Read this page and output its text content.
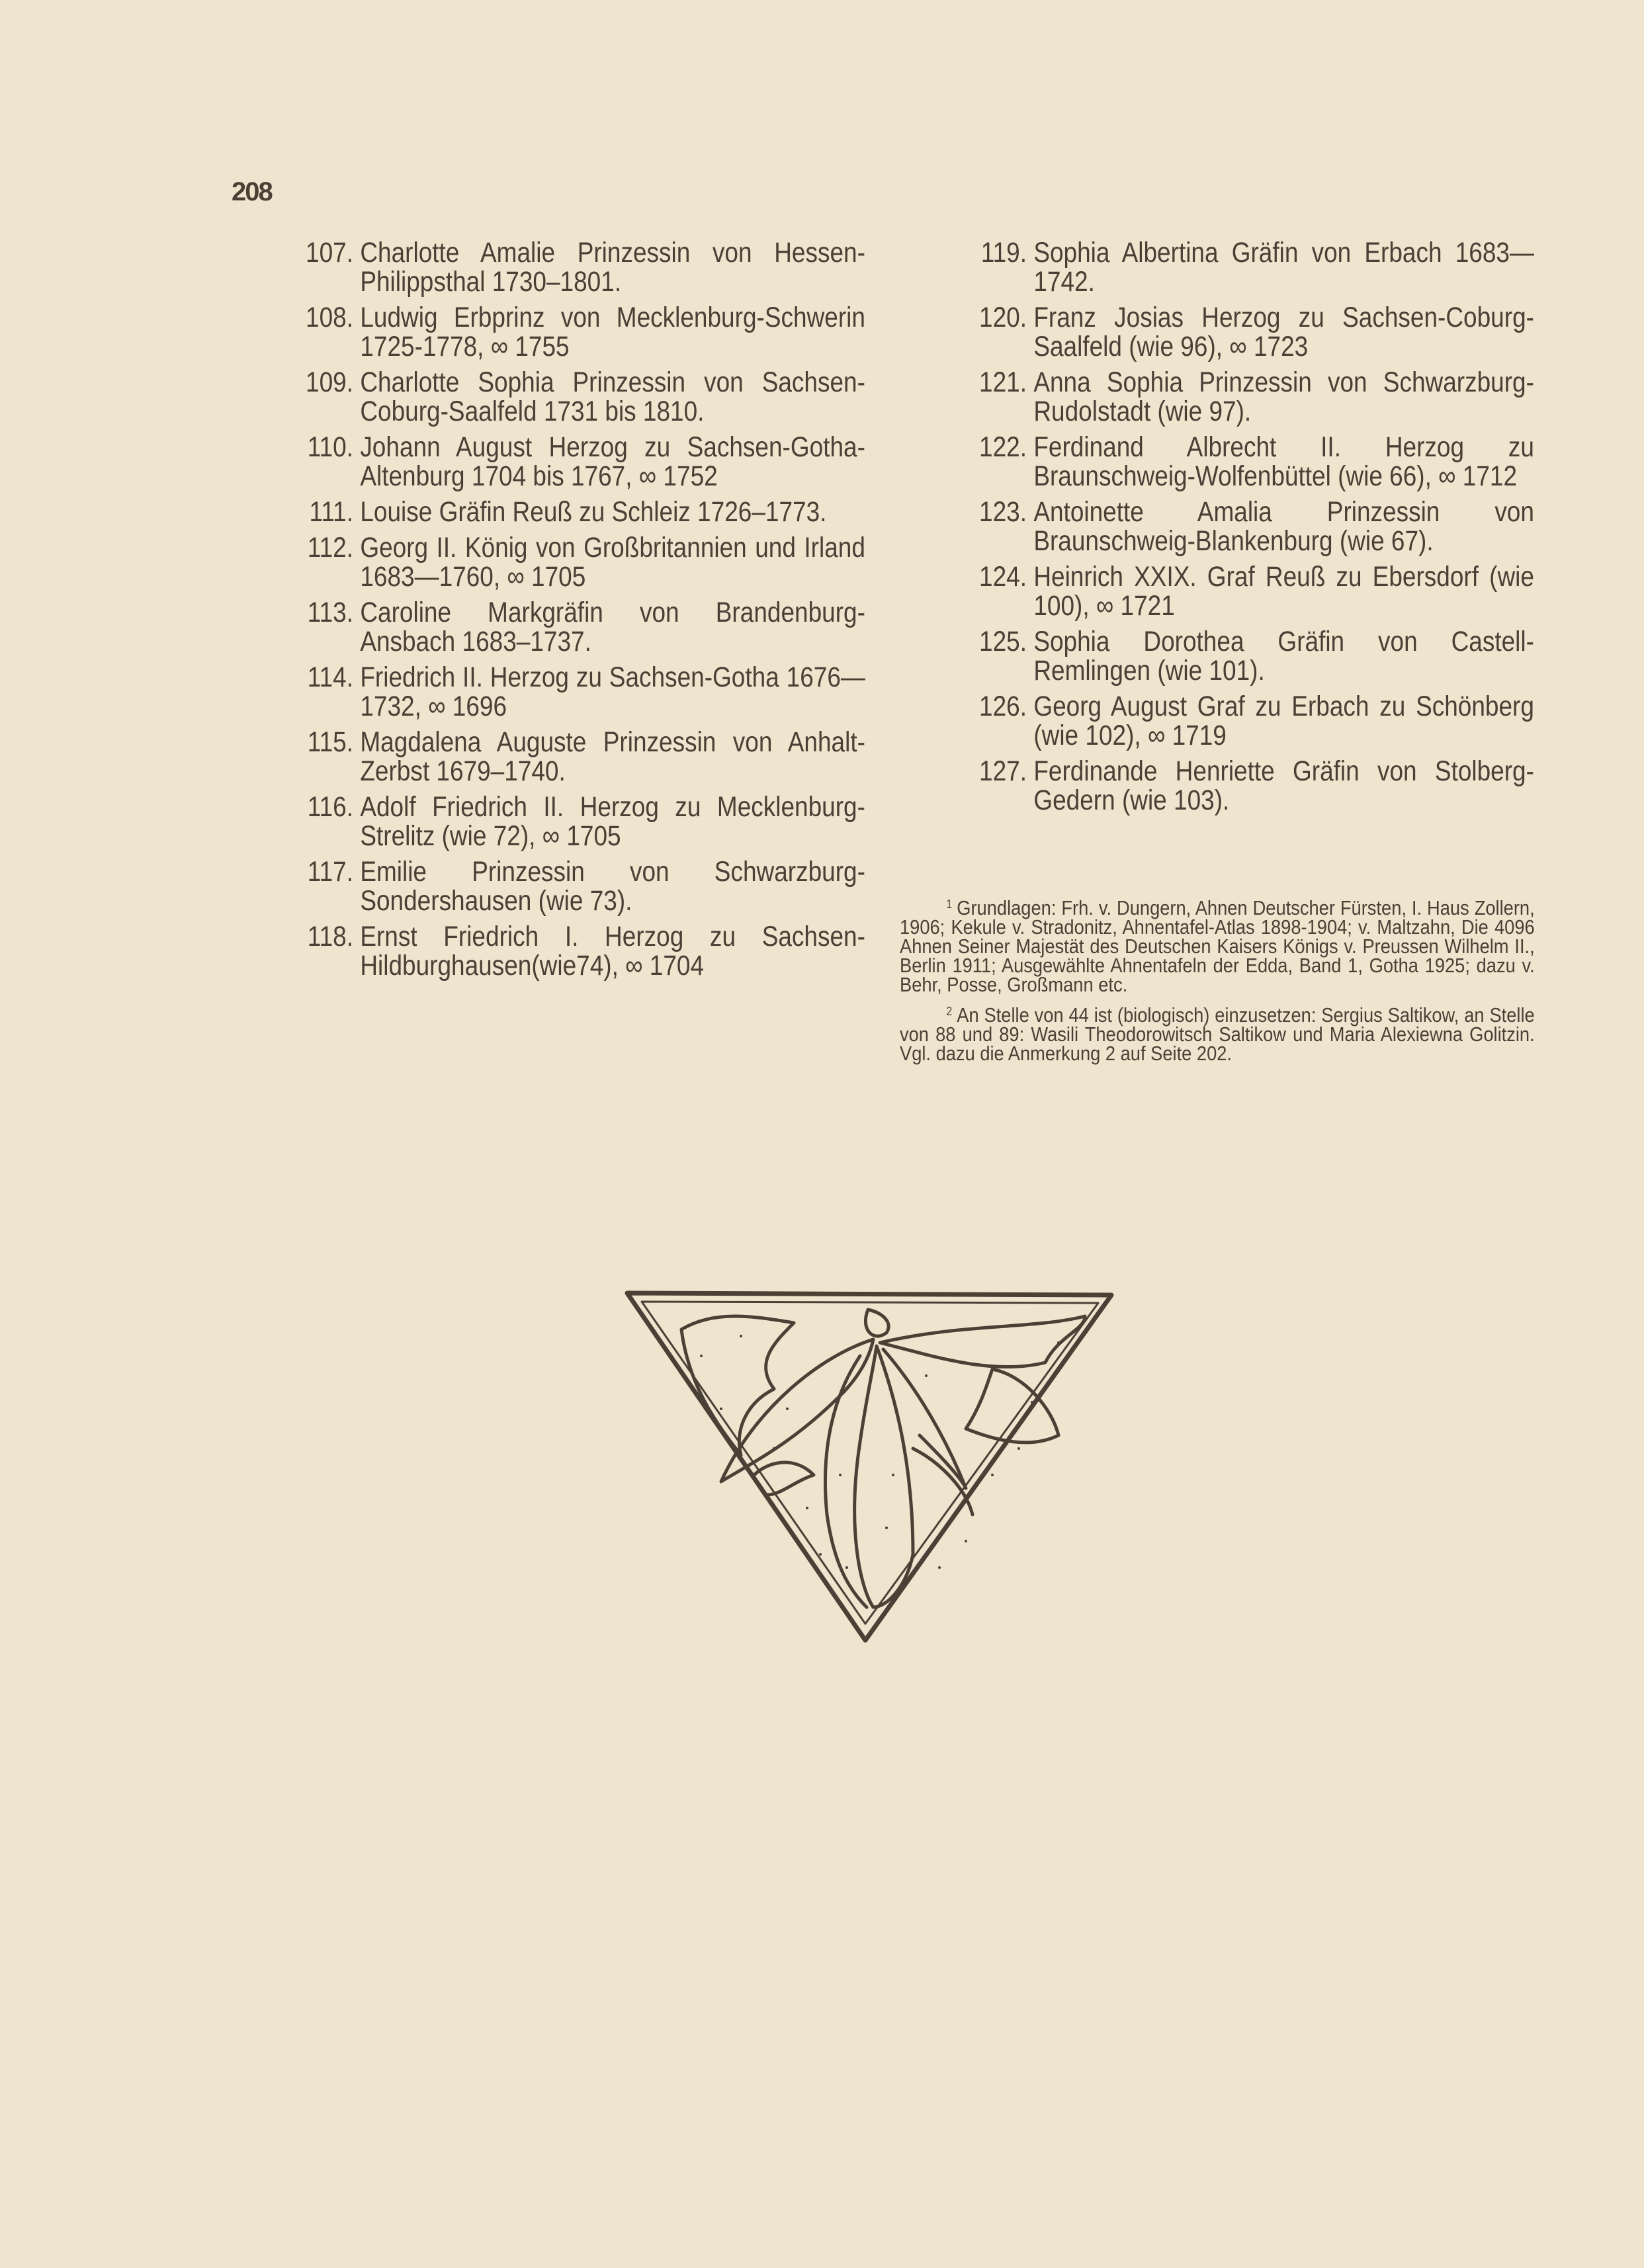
208
107. Charlotte Amalie Prinzessin von Hessen-Philippsthal 1730–1801.
108. Ludwig Erbprinz von Mecklenburg-Schwerin 1725-1778, ∞ 1755
109. Charlotte Sophia Prinzessin von Sachsen-Coburg-Saalfeld 1731 bis 1810.
110. Johann August Herzog zu Sachsen-Gotha-Altenburg 1704 bis 1767, ∞ 1752
111. Louise Gräfin Reuß zu Schleiz 1726–1773.
112. Georg II. König von Großbritannien und Irland 1683—1760, ∞ 1705
113. Caroline Markgräfin von Brandenburg-Ansbach 1683–1737.
114. Friedrich II. Herzog zu Sachsen-Gotha 1676—1732, ∞ 1696
115. Magdalena Auguste Prinzessin von Anhalt-Zerbst 1679–1740.
116. Adolf Friedrich II. Herzog zu Mecklenburg-Strelitz (wie 72), ∞ 1705
117. Emilie Prinzessin von Schwarzburg-Sondershausen (wie 73).
118. Ernst Friedrich I. Herzog zu Sachsen-Hildburghausen(wie74), ∞ 1704
119. Sophia Albertina Gräfin von Erbach 1683—1742.
120. Franz Josias Herzog zu Sachsen-Coburg-Saalfeld (wie 96), ∞ 1723
121. Anna Sophia Prinzessin von Schwarzburg-Rudolstadt (wie 97).
122. Ferdinand Albrecht II. Herzog zu Braunschweig-Wolfenbüttel (wie 66), ∞ 1712
123. Antoinette Amalia Prinzessin von Braunschweig-Blankenburg (wie 67).
124. Heinrich XXIX. Graf Reuß zu Ebersdorf (wie 100), ∞ 1721
125. Sophia Dorothea Gräfin von Castell-Remlingen (wie 101).
126. Georg August Graf zu Erbach zu Schönberg (wie 102), ∞ 1719
127. Ferdinande Henriette Gräfin von Stolberg-Gedern (wie 103).
$^1$ Grundlagen: Frh. v. Dungern, Ahnen Deutscher Fürsten, I. Haus Zollern, 1906; Kekule v. Stradonitz, Ahnentafel-Atlas 1898-1904; v. Maltzahn, Die 4096 Ahnen Seiner Majestät des Deutschen Kaisers Königs v. Preussen Wilhelm II., Berlin 1911; Ausgewählte Ahnentafeln der Edda, Band 1, Gotha 1925; dazu v. Behr, Posse, Großmann etc.
$^2$ An Stelle von 44 ist (biologisch) einzusetzen: Sergius Saltikow, an Stelle von 88 und 89: Wasili Theodorowitsch Saltikow und Maria Alexiewna Golitzin. Vgl. dazu die Anmerkung 2 auf Seite 202.
